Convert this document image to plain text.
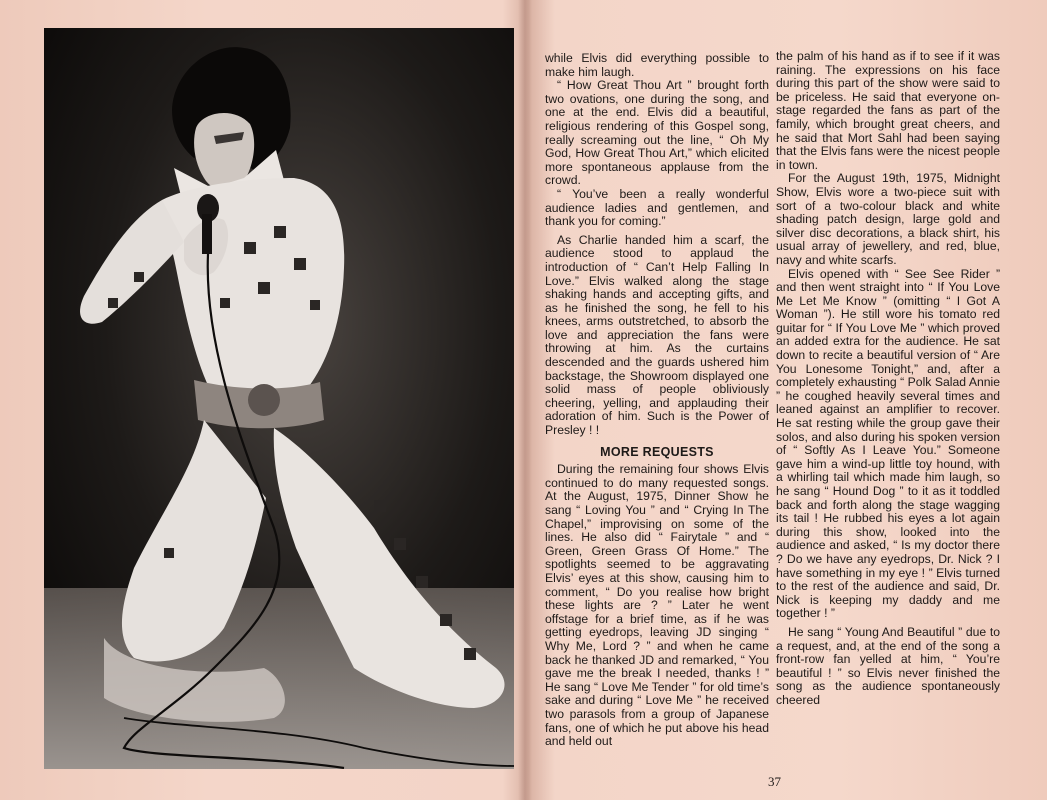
while Elvis did everything possible to make him laugh.

“ How Great Thou Art ” brought forth two ovations, one during the song, and one at the end. Elvis did a beautiful, religious rendering of this Gospel song, really screaming out the line, “ Oh My God, How Great Thou Art,” which elicited more spontaneous applause from the crowd.

“ You’ve been a really wonderful audience ladies and gentlemen, and thank you for coming.”

As Charlie handed him a scarf, the audience stood to applaud the introduction of “ Can’t Help Falling In Love.” Elvis walked along the stage shaking hands and accepting gifts, and as he finished the song, he fell to his knees, arms outstretched, to absorb the love and appreciation the fans were throwing at him. As the curtains descended and the guards ushered him backstage, the Showroom displayed one solid mass of people obliviously cheering, yelling, and applauding their adoration of him. Such is the Power of Presley ! !

MORE REQUESTS

During the remaining four shows Elvis continued to do many requested songs. At the August, 1975, Dinner Show he sang “ Loving You ” and “ Crying In The Chapel,” improvising on some of the lines. He also did “ Fairytale ” and “ Green, Green Grass Of Home.” The spotlights seemed to be aggravating Elvis’ eyes at this show, causing him to comment, “ Do you realise how bright these lights are ? ” Later he went offstage for a brief time, as if he was getting eyedrops, leaving JD singing “ Why Me, Lord ? ” and when he came back he thanked JD and remarked, “ You gave me the break I needed, thanks ! ” He sang “ Love Me Tender ” for old time’s sake and during “ Love Me ” he received two parasols from a group of Japanese fans, one of which he put above his head and held out

the palm of his hand as if to see if it was raining. The expressions on his face during this part of the show were said to be priceless. He said that everyone on-stage regarded the fans as part of the family, which brought great cheers, and he said that Mort Sahl had been saying that the Elvis fans were the nicest people in town.

For the August 19th, 1975, Midnight Show, Elvis wore a two-piece suit with sort of a two-colour black and white shading patch design, large gold and silver disc decorations, a black shirt, his usual array of jewellery, and red, blue, navy and white scarfs.

Elvis opened with “ See See Rider ” and then went straight into “ If You Love Me Let Me Know ” (omitting “ I Got A Woman ”). He still wore his tomato red guitar for “ If You Love Me ” which proved an added extra for the audience. He sat down to recite a beautiful version of “ Are You Lonesome Tonight,” and, after a completely exhausting “ Polk Salad Annie ” he coughed heavily several times and leaned against an amplifier to recover. He sat resting while the group gave their solos, and also during his spoken version of “ Softly As I Leave You.” Someone gave him a wind-up little toy hound, with a whirling tail which made him laugh, so he sang “ Hound Dog ” to it as it toddled back and forth along the stage wagging its tail ! He rubbed his eyes a lot again during this show, looked into the audience and asked, “ Is my doctor there ? Do we have any eyedrops, Dr. Nick ? I have something in my eye ! ” Elvis turned to the rest of the audience and said, Dr. Nick is keeping my daddy and me together ! ”

He sang “ Young And Beautiful ” due to a request, and, at the end of the song a front-row fan yelled at him, “ You’re beautiful ! ” so Elvis never finished the song as the audience spontaneously cheered

37
